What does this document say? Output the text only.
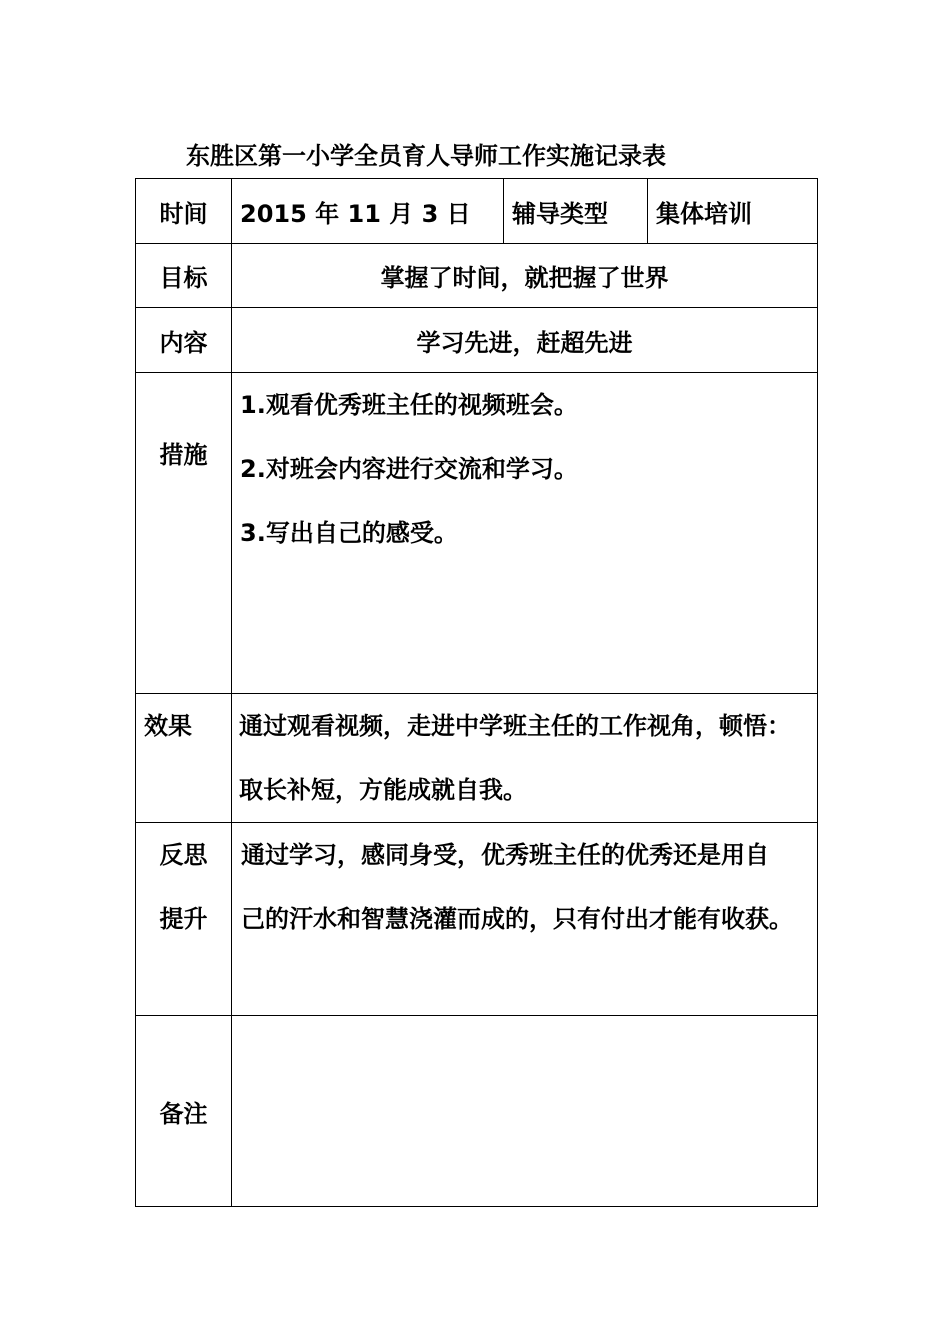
东胜区第一小学全员育人导师工作实施记录表
时间	2015 年 11 月 3 日	辅导类型	集体培训
目标	掌握了时间，就把握了世界		
内容	学习先进，赶超先进		
措施	1.观看优秀班主任的视频班会。
2.对班会内容进行交流和学习。
3.写出自己的感受。		

效果	通过观看视频，走进中学班主任的工作视角，顿悟：
取长补短，方能成就自我。		

反思
提升	通过学习，感同身受，优秀班主任的优秀还是用自
己的汗水和智慧浇灌而成的，只有付出才能有收获。		

备注			
